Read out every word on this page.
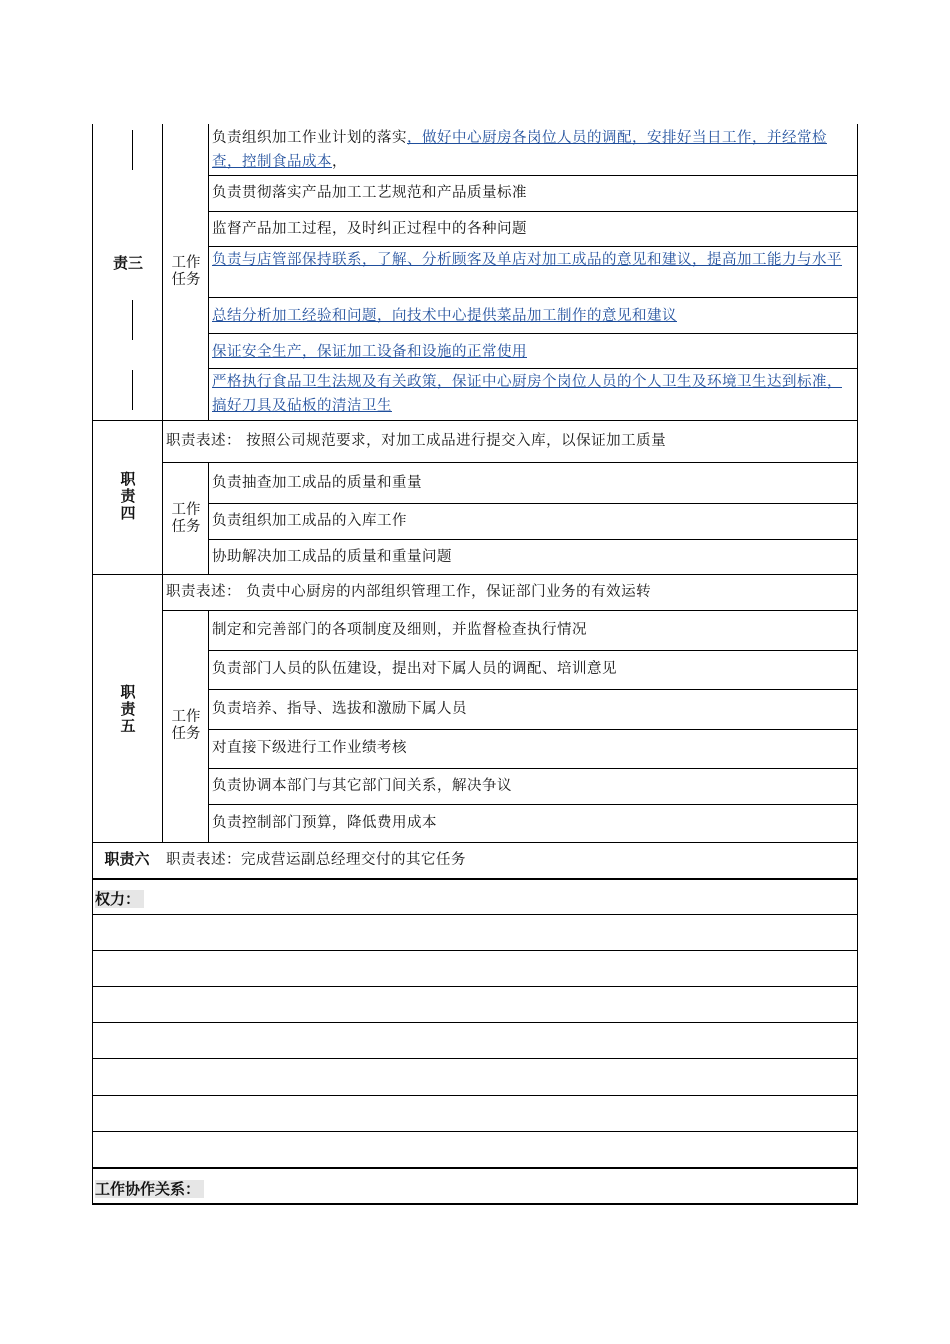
责三	工作
任务
负责组织加工作业计划的落实，做好中心厨房各岗位人员的调配，安排好当日工作，并经常检查，控制食品成本，
负责贯彻落实产品加工工艺规范和产品质量标准
监督产品加工过程，及时纠正过程中的各种问题
负责与店管部保持联系，了解、分析顾客及单店对加工成品的意见和建议，提高加工能力与水平
总结分析加工经验和问题，向技术中心提供菜品加工制作的意见和建议
保证安全生产，保证加工设备和设施的正常使用
严格执行食品卫生法规及有关政策，保证中心厨房个岗位人员的个人卫生及环境卫生达到标准，搞好刀具及砧板的清洁卫生
职
责
四
职责表述： 按照公司规范要求，对加工成品进行提交入库，以保证加工质量
工作
任务
负责抽查加工成品的质量和重量
负责组织加工成品的入库工作
协助解决加工成品的质量和重量问题
职
责
五
职责表述： 负责中心厨房的内部组织管理工作，保证部门业务的有效运转
工作
任务
制定和完善部门的各项制度及细则，并监督检查执行情况
负责部门人员的队伍建设，提出对下属人员的调配、培训意见
负责培养、指导、选拔和激励下属人员
对直接下级进行工作业绩考核
负责协调本部门与其它部门间关系，解决争议
负责控制部门预算，降低费用成本
职责六	职责表述：完成营运副总经理交付的其它任务
权力：
工作协作关系：
